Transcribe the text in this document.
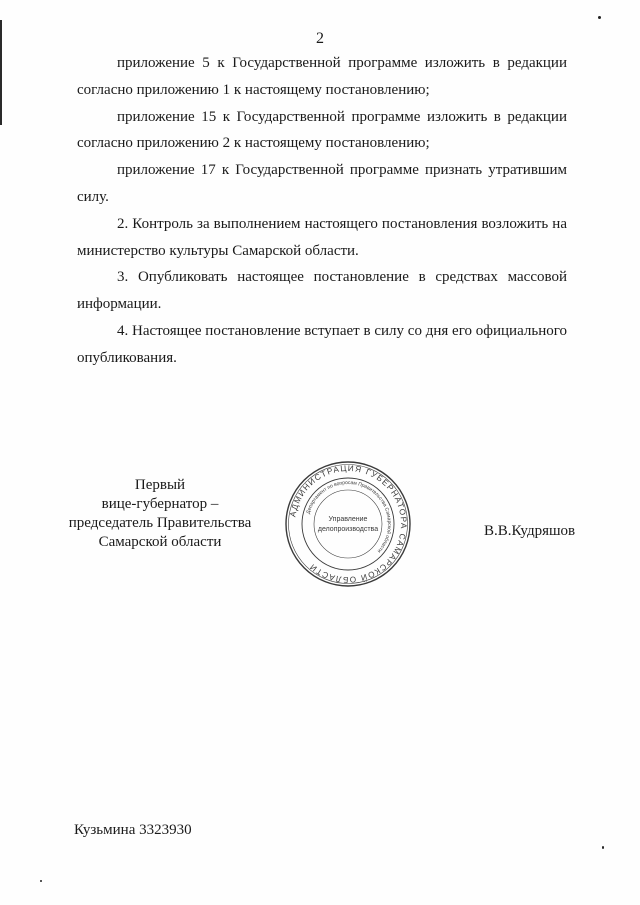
2

приложение 5 к Государственной программе изложить в редакции согласно приложению 1 к настоящему постановлению;

приложение 15 к Государственной программе изложить в редакции согласно приложению 2 к настоящему постановлению;

приложение 17 к Государственной программе признать утратившим силу.

2. Контроль за выполнением настоящего постановления возложить на министерство культуры Самарской области.

3. Опубликовать настоящее постановление в средствах массовой информации.

4. Настоящее постановление вступает в силу со дня его официального опубликования.

Первый
вице-губернатор –
председатель Правительства
Самарской области
АДМИНИСТРАЦИЯ ГУБЕРНАТОРА САМАРСКОЙ ОБЛАСТИ
Департамент по вопросам Правительства Самарской области
Управление
делопроизводства	В.В.Кудряшов
Кузьмина 3323930
